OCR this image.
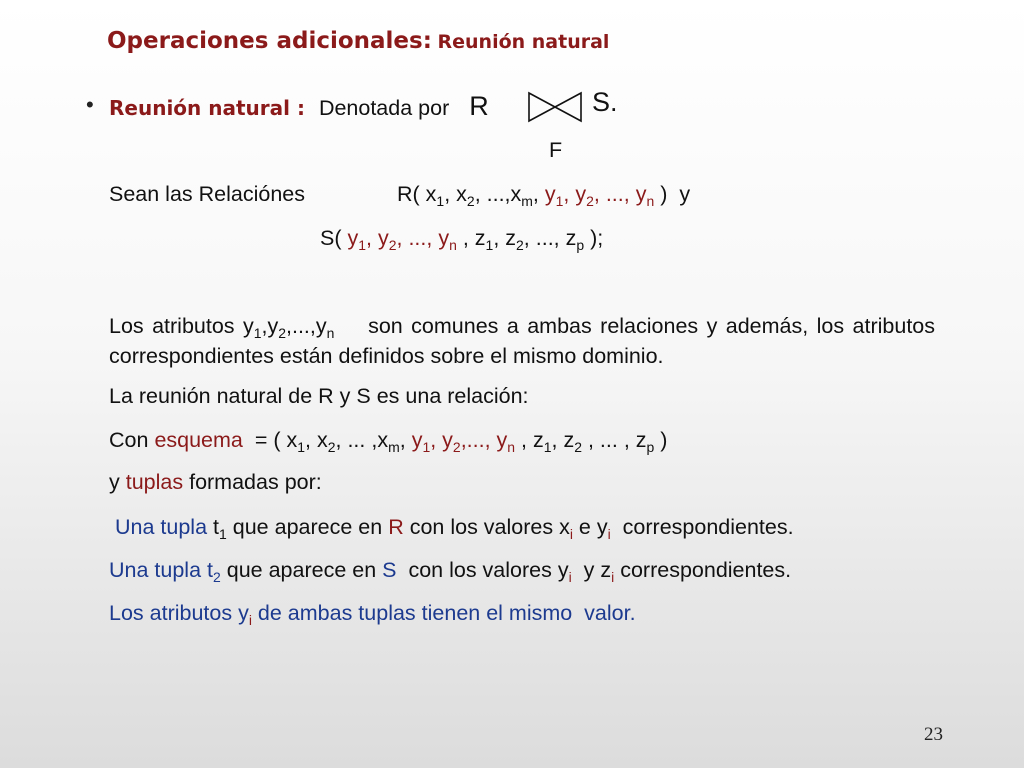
Operaciones adicionales: Reunión natural
• Reunión natural : Denotada por R	S.
F
Sean las Relaciónes	R( $x_1$, $x_2$, $...,x_m$, $y_1$, $y_2$, ..., $y_n$ )  y
S( $y_1$, $y_2$, ..., $y_n$ , $z_1$, $z_2$, ..., $z_p$ );
Los atributos $y_1,y_2,...,y_n$    son comunes a ambas relaciones y además, los atributos correspondientes están definidos sobre el mismo dominio.
La reunión natural de R y S es una relación:
Con esquema  = ( $x_1$, $x_2$, ... $,x_m$, $y_1$, $y_2$,..., $y_n$ , $z_1$, $z_2$ , ... , $z_p$ )
y tuplas formadas por:
Una tupla $t_1$ que aparece en R con los valores $x_i$ e $y_i$  correspondientes.
Una tupla $t_2$ que aparece en S  con los valores $y_i$  y $z_i$ correspondientes.
Los atributos $y_i$ de ambas tuplas tienen el mismo  valor.
23
